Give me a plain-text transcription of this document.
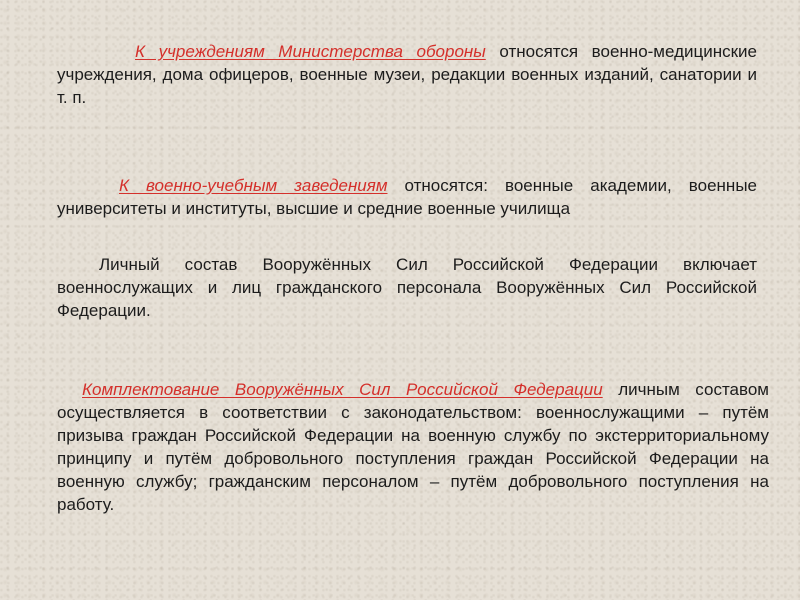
К учреждениям Министерства обороны относятся военно-медицинские учреждения, дома офицеров, военные музеи, редакции военных изданий, санатории и т. п.

К военно-учебным заведениям относятся: военные академии, военные университеты и институты, высшие и средние военные училища

Личный состав Вооружённых Сил Российской Федерации включает военнослужащих и лиц гражданского персонала Вооружённых Сил Российской Федерации.

Комплектование Вооружённых Сил Российской Федерации личным составом осуществляется в соответствии с законодательством: военнослужащими – путём призыва граждан Российской Федерации на военную службу по экстерриториальному принципу и путём добровольного поступления граждан Российской Федерации на военную службу; гражданским персоналом – путём добровольного поступления на работу.
